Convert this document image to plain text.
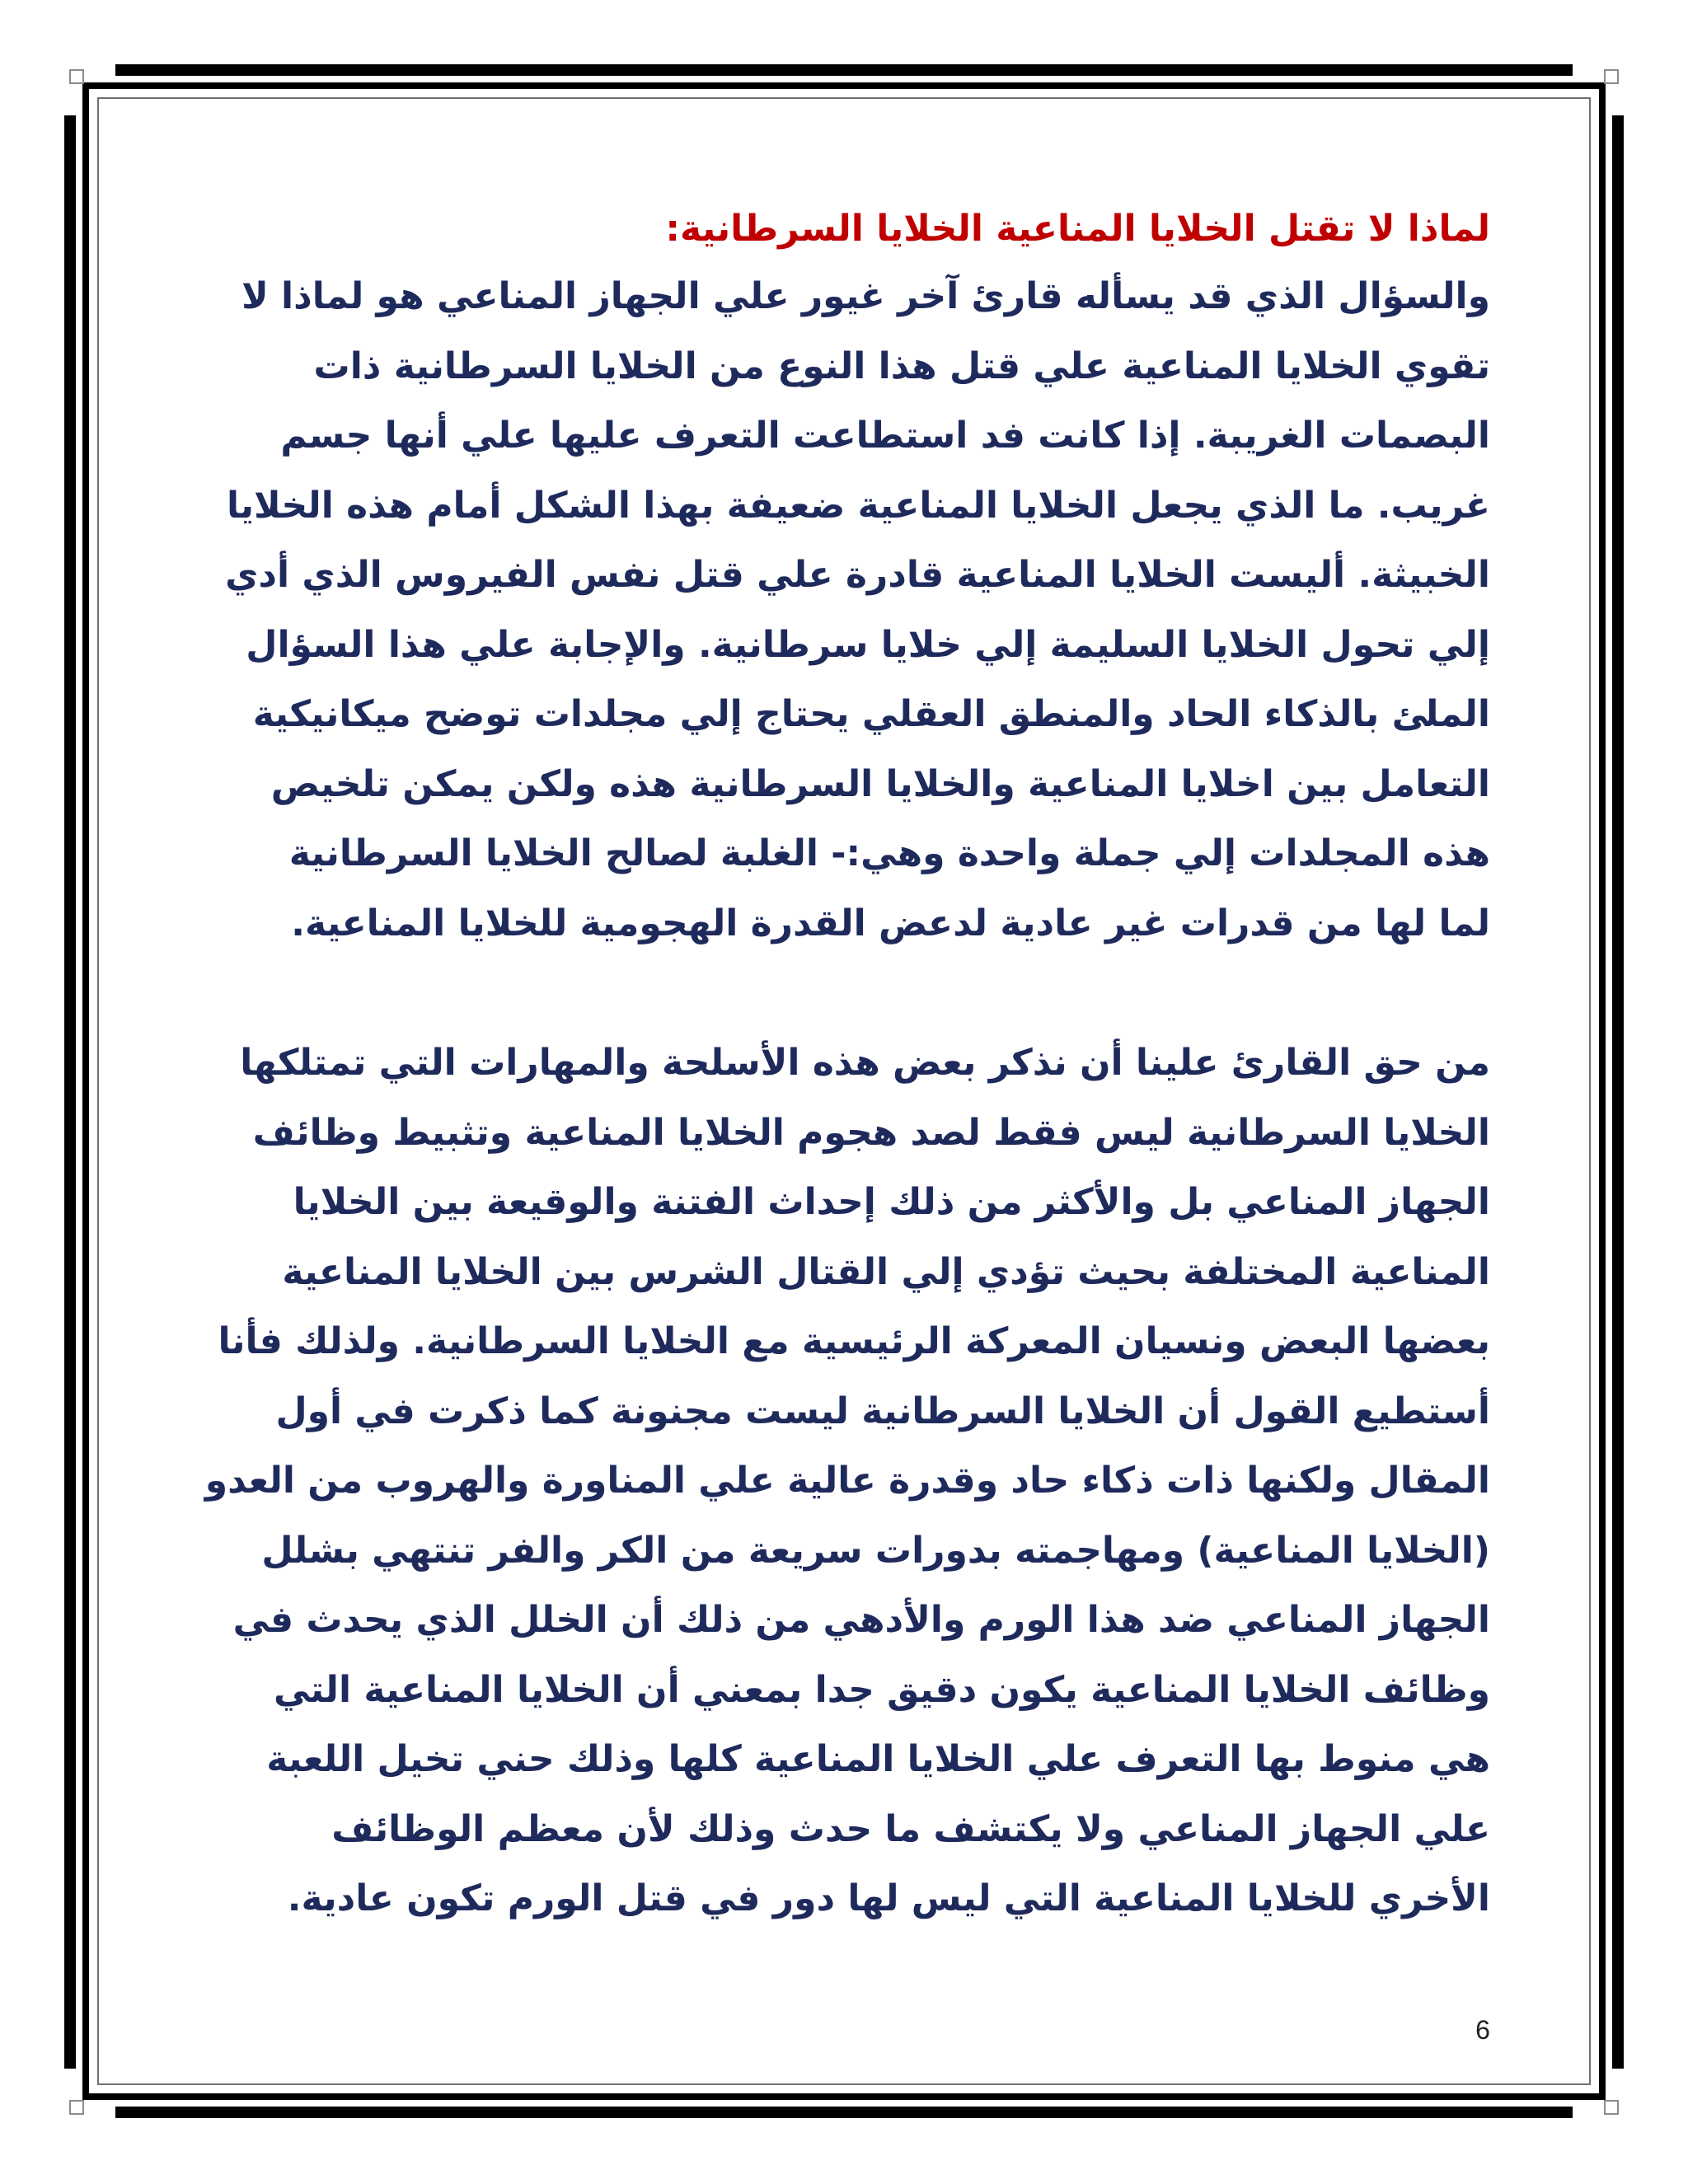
لماذا لا تقتل الخلايا المناعية الخلايا السرطانية:
والسؤال الذي قد يسأله قارئ آخر غيور علي الجهاز المناعي هو لماذا لا
تقوي الخلايا المناعية علي قتل هذا النوع من الخلايا السرطانية ذات
البصمات الغريبة. إذا كانت فد استطاعت التعرف عليها علي أنها جسم
غريب. ما الذي يجعل الخلايا المناعية ضعيفة بهذا الشكل أمام هذه الخلايا
الخبيثة. أليست الخلايا المناعية قادرة علي قتل نفس الفيروس الذي أدي
إلي تحول الخلايا السليمة إلي خلايا سرطانية. والإجابة علي هذا السؤال
الملئ بالذكاء الحاد والمنطق العقلي يحتاج إلي مجلدات توضح ميكانيكية
التعامل بين اخلايا المناعية والخلايا السرطانية هذه ولكن يمكن تلخيص
هذه المجلدات إلي جملة واحدة وهي:- الغلبة لصالح الخلايا السرطانية
لما لها من قدرات غير عادية لدعض القدرة الهجومية للخلايا المناعية.
من حق القارئ علينا أن نذكر بعض هذه الأسلحة والمهارات التي تمتلكها
الخلايا السرطانية ليس فقط لصد هجوم الخلايا المناعية وتثبيط وظائف
الجهاز المناعي بل والأكثر من ذلك إحداث الفتنة والوقيعة بين الخلايا
المناعية المختلفة بحيث تؤدي إلي القتال الشرس بين الخلايا المناعية
بعضها البعض ونسيان المعركة الرئيسية مع الخلايا السرطانية. ولذلك فأنا
أستطيع القول أن الخلايا السرطانية ليست مجنونة كما ذكرت في أول
المقال ولكنها ذات ذكاء حاد وقدرة عالية علي المناورة والهروب من العدو
(الخلايا المناعية) ومهاجمته بدورات سريعة من الكر والفر تنتهي بشلل
الجهاز المناعي ضد هذا الورم والأدهي من ذلك أن الخلل الذي يحدث في
وظائف الخلايا المناعية يكون دقيق جدا بمعني أن الخلايا المناعية التي
هي منوط بها التعرف علي الخلايا المناعية كلها وذلك حني تخيل اللعبة
علي الجهاز المناعي ولا يكتشف ما حدث وذلك لأن معظم الوظائف
الأخري للخلايا المناعية التي ليس لها دور في قتل الورم تكون عادية.
6
